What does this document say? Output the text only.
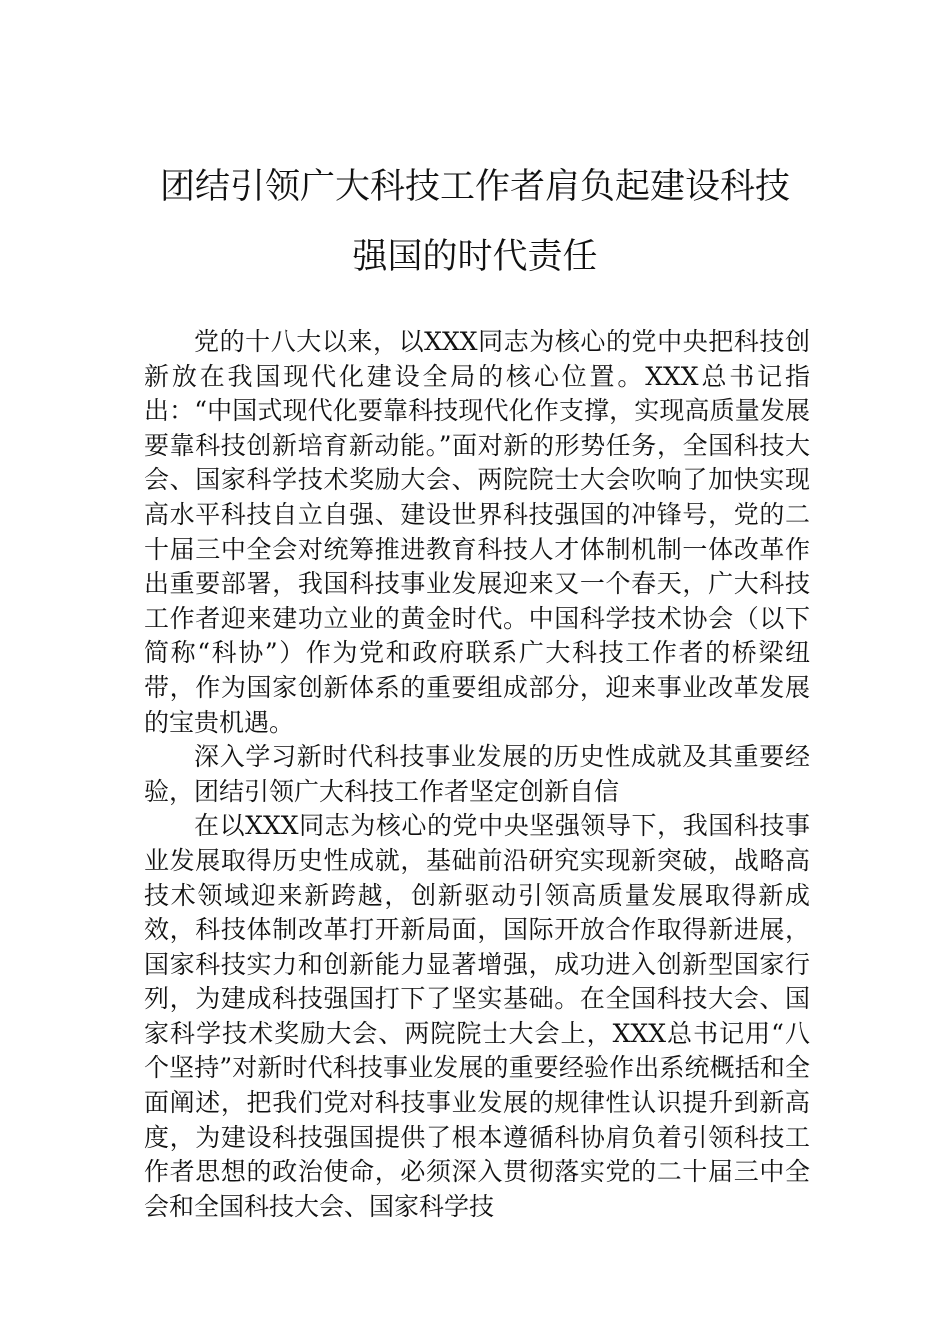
团结引领广大科技工作者肩负起建设科技
强国的时代责任

党的十八大以来，以XXX同志为核心的党中央把科技创新放在我国现代化建设全局的核心位置。XXX总书记指出：“中国式现代化要靠科技现代化作支撑，实现高质量发展要靠科技创新培育新动能。”面对新的形势任务，全国科技大会、国家科学技术奖励大会、两院院士大会吹响了加快实现高水平科技自立自强、建设世界科技强国的冲锋号，党的二十届三中全会对统筹推进教育科技人才体制机制一体改革作出重要部署，我国科技事业发展迎来又一个春天，广大科技工作者迎来建功立业的黄金时代。中国科学技术协会（以下简称“科协”）作为党和政府联系广大科技工作者的桥梁纽带，作为国家创新体系的重要组成部分，迎来事业改革发展的宝贵机遇。

深入学习新时代科技事业发展的历史性成就及其重要经验，团结引领广大科技工作者坚定创新自信

在以XXX同志为核心的党中央坚强领导下，我国科技事业发展取得历史性成就，基础前沿研究实现新突破，战略高技术领域迎来新跨越，创新驱动引领高质量发展取得新成效，科技体制改革打开新局面，国际开放合作取得新进展，国家科技实力和创新能力显著增强，成功进入创新型国家行列，为建成科技强国打下了坚实基础。在全国科技大会、国家科学技术奖励大会、两院院士大会上，XXX总书记用“八个坚持”对新时代科技事业发展的重要经验作出系统概括和全面阐述，把我们党对科技事业发展的规律性认识提升到新高度，为建设科技强国提供了根本遵循科协肩负着引领科技工作者思想的政治使命，必须深入贯彻落实党的二十届三中全会和全国科技大会、国家科学技
